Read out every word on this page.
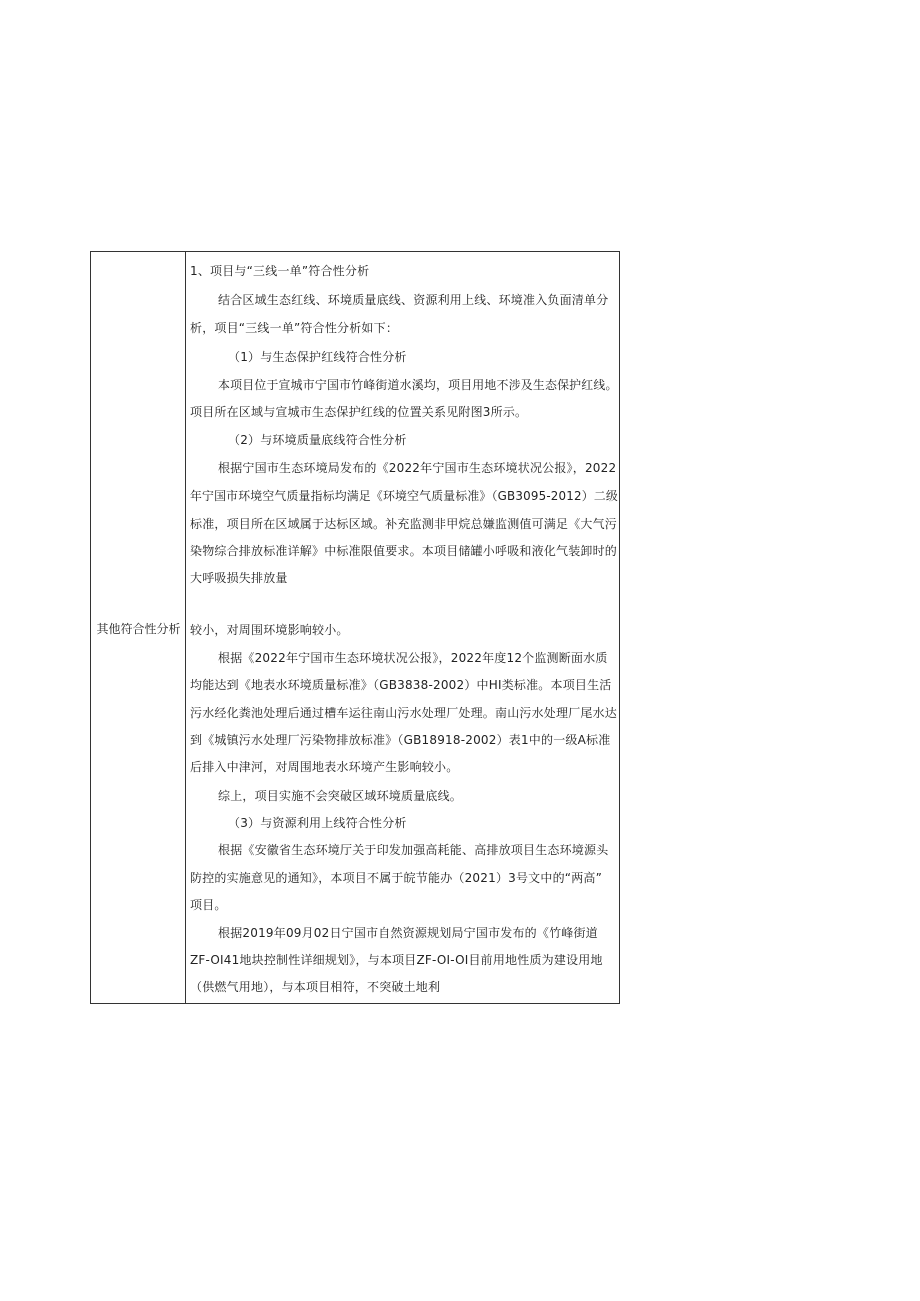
其他符合性分析
1、项目与“三线一单”符合性分析
结合区域生态红线、环境质量底线、资源利用上线、环境准入负面清单分
析，项目“三线一单”符合性分析如下：
（1）与生态保护红线符合性分析
本项目位于宣城市宁国市竹峰街道水溪均，项目用地不涉及生态保护红线。
项目所在区域与宣城市生态保护红线的位置关系见附图3所示。
（2）与环境质量底线符合性分析
根据宁国市生态环境局发布的《2022年宁国市生态环境状况公报》，2022
年宁国市环境空气质量指标均满足《环境空气质量标准》（GB3095-2012）二级
标准，项目所在区域属于达标区域。补充监测非甲烷总嫌监测值可满足《大气污
染物综合排放标准详解》中标准限值要求。本项目储罐小呼吸和液化气装卸时的
大呼吸损失排放量
较小，对周围环境影响较小。
根据《2022年宁国市生态环境状况公报》，2022年度12个监测断面水质
均能达到《地表水环境质量标准》（GB3838-2002）中HI类标准。本项目生活
污水经化粪池处理后通过槽车运往南山污水处理厂处理。南山污水处理厂尾水达
到《城镇污水处理厂污染物排放标准》（GB18918-2002）表1中的一级A标准
后排入中津河，对周围地表水环境产生影响较小。
综上，项目实施不会突破区域环境质量底线。
（3）与资源利用上线符合性分析
根据《安徽省生态环境厅关于印发加强高耗能、高排放项目生态环境源头
防控的实施意见的通知》，本项目不属于皖节能办（2021）3号文中的“两高”
项目。
根据2019年09月02日宁国市自然资源规划局宁国市发布的《竹峰街道
ZF-OI41地块控制性详细规划》，与本项目ZF-OI-OI目前用地性质为建设用地
（供燃气用地），与本项目相符，不突破土地利
